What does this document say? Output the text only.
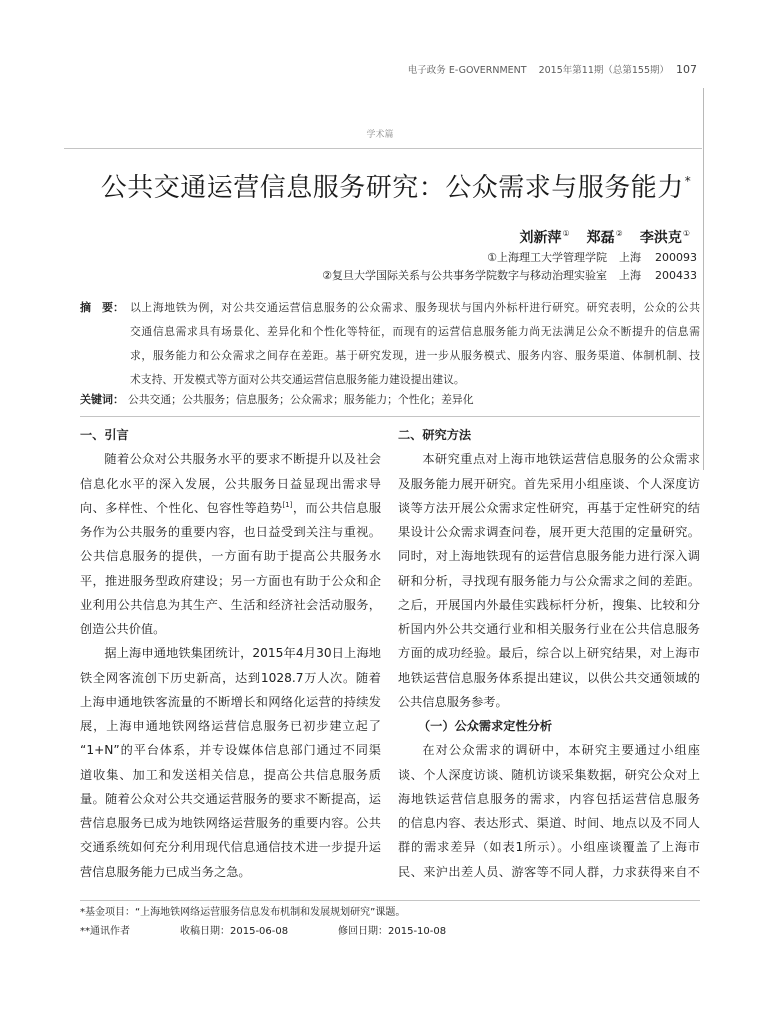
电子政务 E-GOVERNMENT 2015年第11期（总第155期） 107
学术篇
公共交通运营信息服务研究：公众需求与服务能力*
刘新萍① 郑磊② 李洪克①
①上海理工大学管理学院 上海 200093
②复旦大学国际关系与公共事务学院数字与移动治理实验室 上海 200433
摘　要： 以上海地铁为例，对公共交通运营信息服务的公众需求、服务现状与国内外标杆进行研究。研究表明，公众的公共
交通信息需求具有场景化、差异化和个性化等特征，而现有的运营信息服务能力尚无法满足公众不断提升的信息需
求，服务能力和公众需求之间存在差距。基于研究发现，进一步从服务模式、服务内容、服务渠道、体制机制、技
术支持、开发模式等方面对公共交通运营信息服务能力建设提出建议。
关键词： 公共交通；公共服务；信息服务；公众需求；服务能力；个性化；差异化
一、引言
随着公众对公共服务水平的要求不断提升以及社会
信息化水平的深入发展，公共服务日益显现出需求导
向、多样性、个性化、包容性等趋势[1]，而公共信息服
务作为公共服务的重要内容，也日益受到关注与重视。
公共信息服务的提供，一方面有助于提高公共服务水
平，推进服务型政府建设；另一方面也有助于公众和企
业利用公共信息为其生产、生活和经济社会活动服务，
创造公共价值。
据上海申通地铁集团统计，2015年4月30日上海地
铁全网客流创下历史新高，达到1028.7万人次。随着
上海申通地铁客流量的不断增长和网络化运营的持续发
展，上海申通地铁网络运营信息服务已初步建立起了
“1+N”的平台体系，并专设媒体信息部门通过不同渠
道收集、加工和发送相关信息，提高公共信息服务质
量。随着公众对公共交通运营服务的要求不断提高，运
营信息服务已成为地铁网络运营服务的重要内容。公共
交通系统如何充分利用现代信息通信技术进一步提升运
营信息服务能力已成当务之急。
二、研究方法
本研究重点对上海市地铁运营信息服务的公众需求
及服务能力展开研究。首先采用小组座谈、个人深度访
谈等方法开展公众需求定性研究，再基于定性研究的结
果设计公众需求调查问卷，展开更大范围的定量研究。
同时，对上海地铁现有的运营信息服务能力进行深入调
研和分析，寻找现有服务能力与公众需求之间的差距。
之后，开展国内外最佳实践标杆分析，搜集、比较和分
析国内外公共交通行业和相关服务行业在公共信息服务
方面的成功经验。最后，综合以上研究结果，对上海市
地铁运营信息服务体系提出建议，以供公共交通领域的
公共信息服务参考。
（一）公众需求定性分析
在对公众需求的调研中，本研究主要通过小组座
谈、个人深度访谈、随机访谈采集数据，研究公众对上
海地铁运营信息服务的需求，内容包括运营信息服务
的信息内容、表达形式、渠道、时间、地点以及不同人
群的需求差异（如表1所示）。小组座谈覆盖了上海市
民、来沪出差人员、游客等不同人群，力求获得来自不
*基金项目：“上海地铁网络运营服务信息发布机制和发展规划研究”课题。
**通讯作者	收稿日期：2015-06-08	修回日期：2015-10-08
